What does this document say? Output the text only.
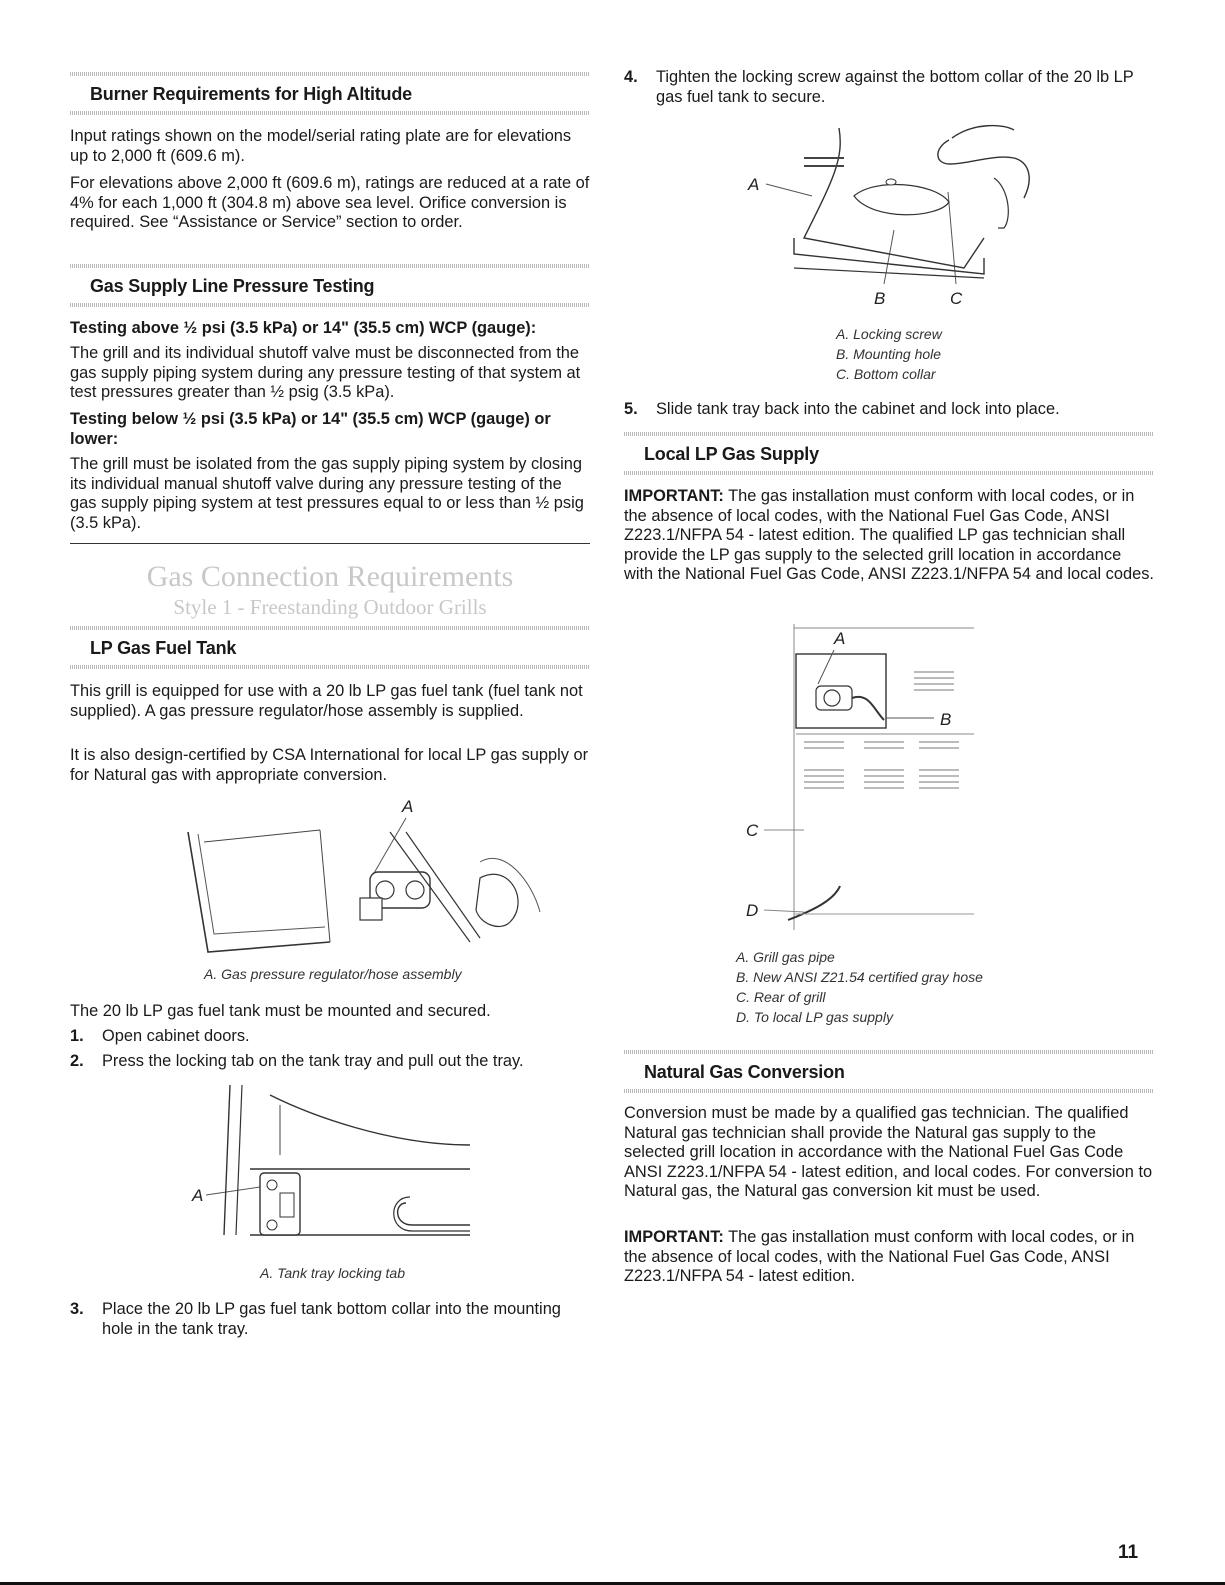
Burner Requirements for High Altitude

Input ratings shown on the model/serial rating plate are for elevations up to 2,000 ft (609.6 m).

For elevations above 2,000 ft (609.6 m), ratings are reduced at a rate of 4% for each 1,000 ft (304.8 m) above sea level. Orifice conversion is required. See “Assistance or Service” section to order.

Gas Supply Line Pressure Testing

Testing above ½ psi (3.5 kPa) or 14" (35.5 cm) WCP (gauge):

The grill and its individual shutoff valve must be disconnected from the gas supply piping system during any pressure testing of that system at test pressures greater than ½ psig (3.5 kPa).

Testing below ½ psi (3.5 kPa) or 14" (35.5 cm) WCP (gauge) or lower:

The grill must be isolated from the gas supply piping system by closing its individual manual shutoff valve during any pressure testing of the gas supply piping system at test pressures equal to or less than ½ psig (3.5 kPa).

Gas Connection Requirements
Style 1 - Freestanding Outdoor Grills
LP Gas Fuel Tank

This grill is equipped for use with a 20 lb LP gas fuel tank (fuel tank not supplied). A gas pressure regulator/hose assembly is supplied.

It is also design-certified by CSA International for local LP gas supply or for Natural gas with appropriate conversion.

A
A. Gas pressure regulator/hose assembly

The 20 lb LP gas fuel tank must be mounted and secured.

1. Open cabinet doors.
2. Press the locking tab on the tank tray and pull out the tray.
A
A. Tank tray locking tab
3. Place the 20 lb LP gas fuel tank bottom collar into the mounting hole in the tank tray.
4. Tighten the locking screw against the bottom collar of the 20 lb LP gas fuel tank to secure.
A
B	C
A. Locking screw
B. Mounting hole
C. Bottom collar
5. Slide tank tray back into the cabinet and lock into place.
Local LP Gas Supply

IMPORTANT: The gas installation must conform with local codes, or in the absence of local codes, with the National Fuel Gas Code, ANSI Z223.1/NFPA 54 - latest edition. The qualified LP gas technician shall provide the LP gas supply to the selected grill location in accordance with the National Fuel Gas Code, ANSI Z223.1/NFPA 54 and local codes.

A
B
C
D
A. Grill gas pipe
B. New ANSI Z21.54 certified gray hose
C. Rear of grill
D. To local LP gas supply
Natural Gas Conversion

Conversion must be made by a qualified gas technician. The qualified Natural gas technician shall provide the Natural gas supply to the selected grill location in accordance with the National Fuel Gas Code ANSI Z223.1/NFPA 54 - latest edition, and local codes. For conversion to Natural gas, the Natural gas conversion kit must be used.

IMPORTANT: The gas installation must conform with local codes, or in the absence of local codes, with the National Fuel Gas Code, ANSI Z223.1/NFPA 54 - latest edition.

11
